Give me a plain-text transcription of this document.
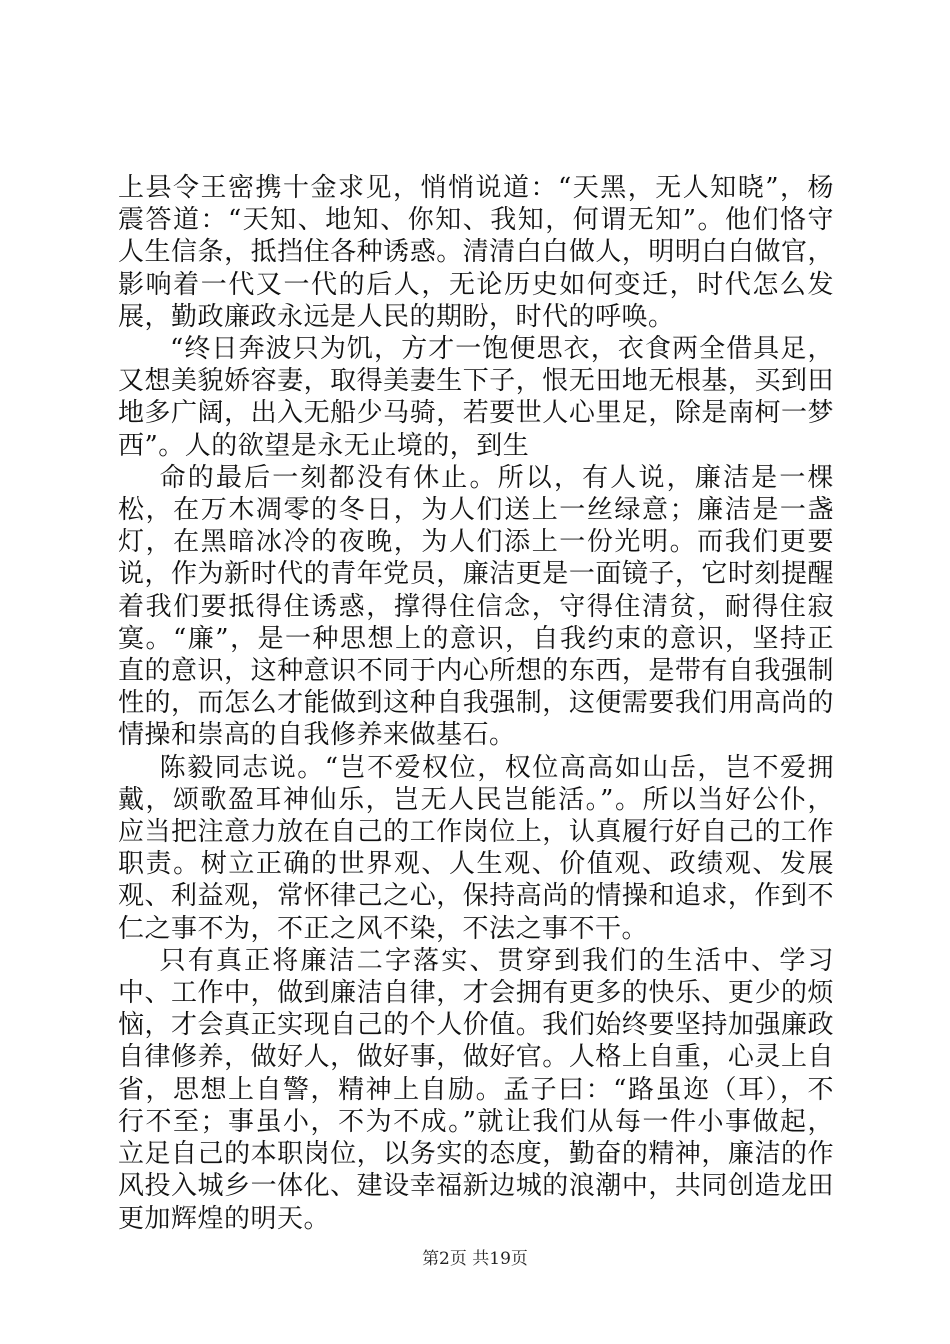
上县令王密携十金求见，悄悄说道：“天黑，无人知晓”，杨震答道：“天知、地知、你知、我知，何谓无知”。他们恪守人生信条，抵挡住各种诱惑。清清白白做人，明明白白做官，影响着一代又一代的后人，无论历史如何变迁，时代怎么发展，勤政廉政永远是人民的期盼，时代的呼唤。

“终日奔波只为饥，方才一饱便思衣，衣食两全借具足，又想美貌娇容妻，取得美妻生下子，恨无田地无根基，买到田地多广阔，出入无船少马骑，若要世人心里足，除是南柯一梦西”。人的欲望是永无止境的，到生

命的最后一刻都没有休止。所以，有人说，廉洁是一棵松，在万木凋零的冬日，为人们送上一丝绿意；廉洁是一盏灯，在黑暗冰冷的夜晚，为人们添上一份光明。而我们更要说，作为新时代的青年党员，廉洁更是一面镜子，它时刻提醒着我们要抵得住诱惑，撑得住信念，守得住清贫，耐得住寂寞。“廉”，是一种思想上的意识，自我约束的意识，坚持正直的意识，这种意识不同于内心所想的东西，是带有自我强制性的，而怎么才能做到这种自我强制，这便需要我们用高尚的情操和崇高的自我修养来做基石。

陈毅同志说。“岂不爱权位，权位高高如山岳，岂不爱拥戴，颂歌盈耳神仙乐，岂无人民岂能活。”。所以当好公仆，应当把注意力放在自己的工作岗位上，认真履行好自己的工作职责。树立正确的世界观、人生观、价值观、政绩观、发展观、利益观，常怀律己之心，保持高尚的情操和追求，作到不仁之事不为，不正之风不染，不法之事不干。

只有真正将廉洁二字落实、贯穿到我们的生活中、学习中、工作中，做到廉洁自律，才会拥有更多的快乐、更少的烦恼，才会真正实现自己的个人价值。我们始终要坚持加强廉政自律修养，做好人，做好事，做好官。人格上自重，心灵上自省，思想上自警，精神上自励。孟子曰：“路虽迩（耳），不行不至；事虽小，不为不成。”就让我们从每一件小事做起，立足自己的本职岗位，以务实的态度，勤奋的精神，廉洁的作风投入城乡一体化、建设幸福新边城的浪潮中，共同创造龙田更加辉煌的明天。

第2页 共19页
